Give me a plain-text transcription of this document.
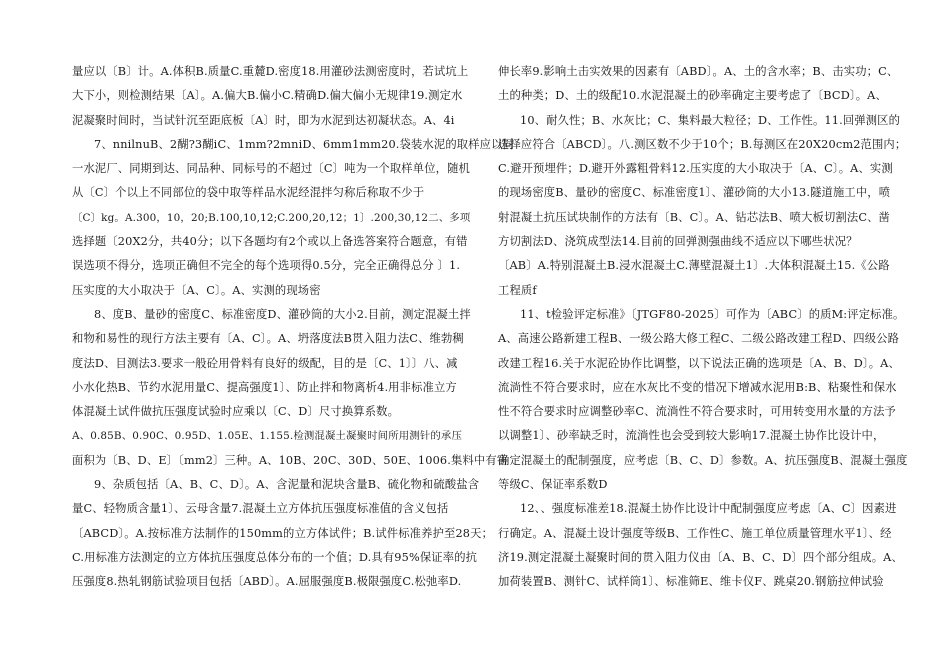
量应以〔B〕计。A.体积B.质量C.重麓D.密度18.用灌砂法测密度时，若试坑上
大下小，则检测结果〔A〕。A.偏大B.偏小C.精确D.偏大偏小无规律19.测定水
泥凝聚时间时，当试针沉至距底板〔A〕时，即为水泥到达初凝状态。A、4i
7、nnilnuB、2醐?3醐iC、1mm?2mniD、6mm1mm20.袋装水泥的取样应以同
一水泥厂、同期到达、同品种、同标号的不超过〔C〕吨为一个取样单位，随机
从〔C〕个以上不同部位的袋中取等样品水泥经混拌匀称后称取不少于
〔C〕kg。A.300，10，20;B.100,10,12;C.200,20,12；1〕.200,30,12二、多项
选择题〔20X2分，共40分；以下各题均有2个或以上备选答案符合题意，有错
误选项不得分，选项正确但不完全的每个选项得0.5分，完全正确得总分 〕1.
压实度的大小取决于〔A、C〕。A、实测的现场密
8、度B、量砂的密度C、标准密度D、灌砂筒的大小2.目前，测定混凝土拌
和物和易性的现行方法主要有〔A、C〕。A、坍落度法B贯入阻力法C、维勃稠
度法D、目测法3.要求一般砼用骨料有良好的级配，目的是〔C、1〕〕八、减
小水化热B、节约水泥用量C、提高强度1〕、防止拌和物离析4.用非标准立方
体混凝土试件做抗压强度试验时应乘以〔C、D〕尺寸换算系数。
A、0.85B、0.90C、0.95D、1.05E、1.155.检测混凝土凝聚时间所用测针的承压
面积为〔B、D、E〕〔mm2〕三种。A、10B、20C、30D、50E、1006.集料中有害
9、杂质包括〔A、B、C、D〕。A、含泥量和泥块含量B、硫化物和硫酸盐含
量C、轻物质含量1〕、云母含量7.混凝土立方体抗压强度标准值的含义包括
〔ABCD〕。A.按标准方法制作的150mm的立方体试件；B.试件标准养护至28天；
C.用标准方法测定的立方体抗压强度总体分布的一个值；D.具有95%保证率的抗
压强度8.热轧钢筋试验项目包括〔ABD〕。A.屈服强度B.极限强度C.松弛率D.
伸长率9.影响土击实效果的因素有〔ABD〕。A、土的含水率；B、击实功；C、
土的种类；D、土的级配10.水泥混凝土的砂率确定主要考虑了〔BCD〕。A、
10、耐久性；B、水灰比；C、集料最大粒径；D、工作性。11.回弹测区的
选择应符合〔ABCD〕。八.测区数不少于10个；B.每测区在20X20cm2范围内；
C.避开预埋件；D.避开外露粗骨料12.压实度的大小取决于〔A、C〕。A、实测
的现场密度B、量砂的密度C、标准密度1〕、灌砂筒的大小13.隧道施工中，喷
射混凝土抗压试块制作的方法有〔B、C〕。A、钻芯法B、喷大板切割法C、凿
方切割法D、浇筑成型法14.目前的回弹测强曲线不适应以下哪些状况？
〔AB〕A.特别混凝土B.浸水混凝土C.薄壁混凝土1〕.大体积混凝土15.《公路
工程质f
11、t检验评定标准》〔JTGF80-2025〕可作为〔ABC〕的质M:评定标准。
A、高速公路新建工程B、一级公路大修工程C、二级公路改建工程D、四级公路
改建工程16.关于水泥砼协作比调整，以下说法正确的选项是〔A、B、D〕。A、
流淌性不符合要求时，应在水灰比不变的惜况下增减水泥用B:B、粘聚性和保水
性不符合要求时应调整砂率C、流淌性不符合要求时，可用转变用水量的方法予
以调整1〕、砂率缺乏时，流淌性也会受到较大影响17.混凝土协作比设计中，
确定混凝土的配制强度，应考虑〔B、C、D〕参数。A、抗压强度B、混凝土强度
等级C、保证率系数D
12、、强度标准差18.混凝土协作比设计中配制强度应考虑〔A、C〕因素进
行确定。A、混凝土设计强度等级B、工作性C、施工单位质量管理水平1〕、经
济19.测定混凝土凝聚时间的贯入阻力仪由〔A、B、C、D〕四个部分组成。A、
加荷装置B、测针C、试样筒1〕、标准筛E、维卡仪F、跳桌20.钢筋拉伸试验
